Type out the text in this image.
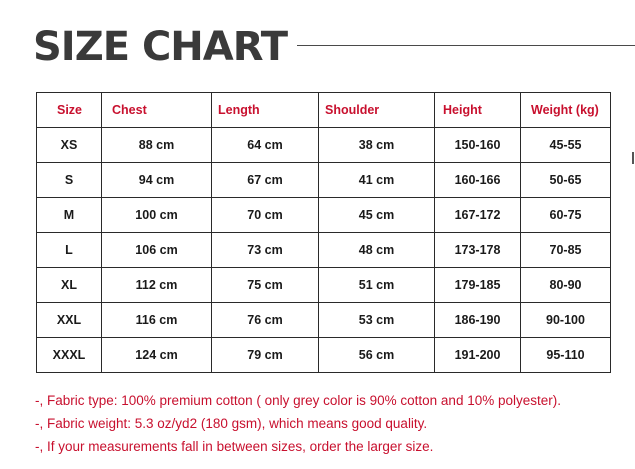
SIZE CHART
Size	Chest	Length	Shoulder	Height	Weight (kg)
XS	88 cm	64 cm	38 cm	150-160	45-55
S	94 cm	67 cm	41 cm	160-166	50-65
M	100 cm	70 cm	45 cm	167-172	60-75
L	106 cm	73 cm	48 cm	173-178	70-85
XL	112 cm	75 cm	51 cm	179-185	80-90
XXL	116 cm	76 cm	53 cm	186-190	90-100
XXXL	124 cm	79 cm	56 cm	191-200	95-110
-, Fabric type: 100% premium cotton ( only grey color is 90% cotton and 10% polyester).
-, Fabric weight: 5.3 oz/yd2 (180 gsm), which means good quality.
-, If your measurements fall in between sizes, order the larger size.
